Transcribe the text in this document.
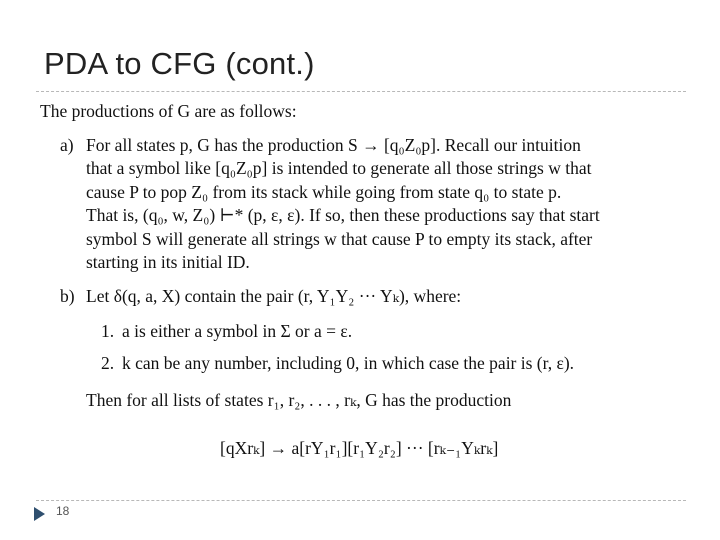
PDA to CFG (cont.)

The productions of G are as follows:

a) For all states p, G has the production S → [q₀Z₀p]. Recall our intuition
that a symbol like [q₀Z₀p] is intended to generate all those strings w that
cause P to pop Z₀ from its stack while going from state q₀ to state p.
That is, (q₀, w, Z₀) ⊢* (p, ε, ε). If so, then these productions say that start
symbol S will generate all strings w that cause P to empty its stack, after
starting in its initial ID.
b) Let δ(q, a, X) contain the pair (r, Y₁Y₂ ··· Yₖ), where:
1. a is either a symbol in Σ or a = ε.
2. k can be any number, including 0, in which case the pair is (r, ε).
Then for all lists of states r₁, r₂, . . . , rₖ, G has the production
[qXrₖ] → a[rY₁r₁][r₁Y₂r₂] ··· [rₖ₋₁Yₖrₖ]
18
